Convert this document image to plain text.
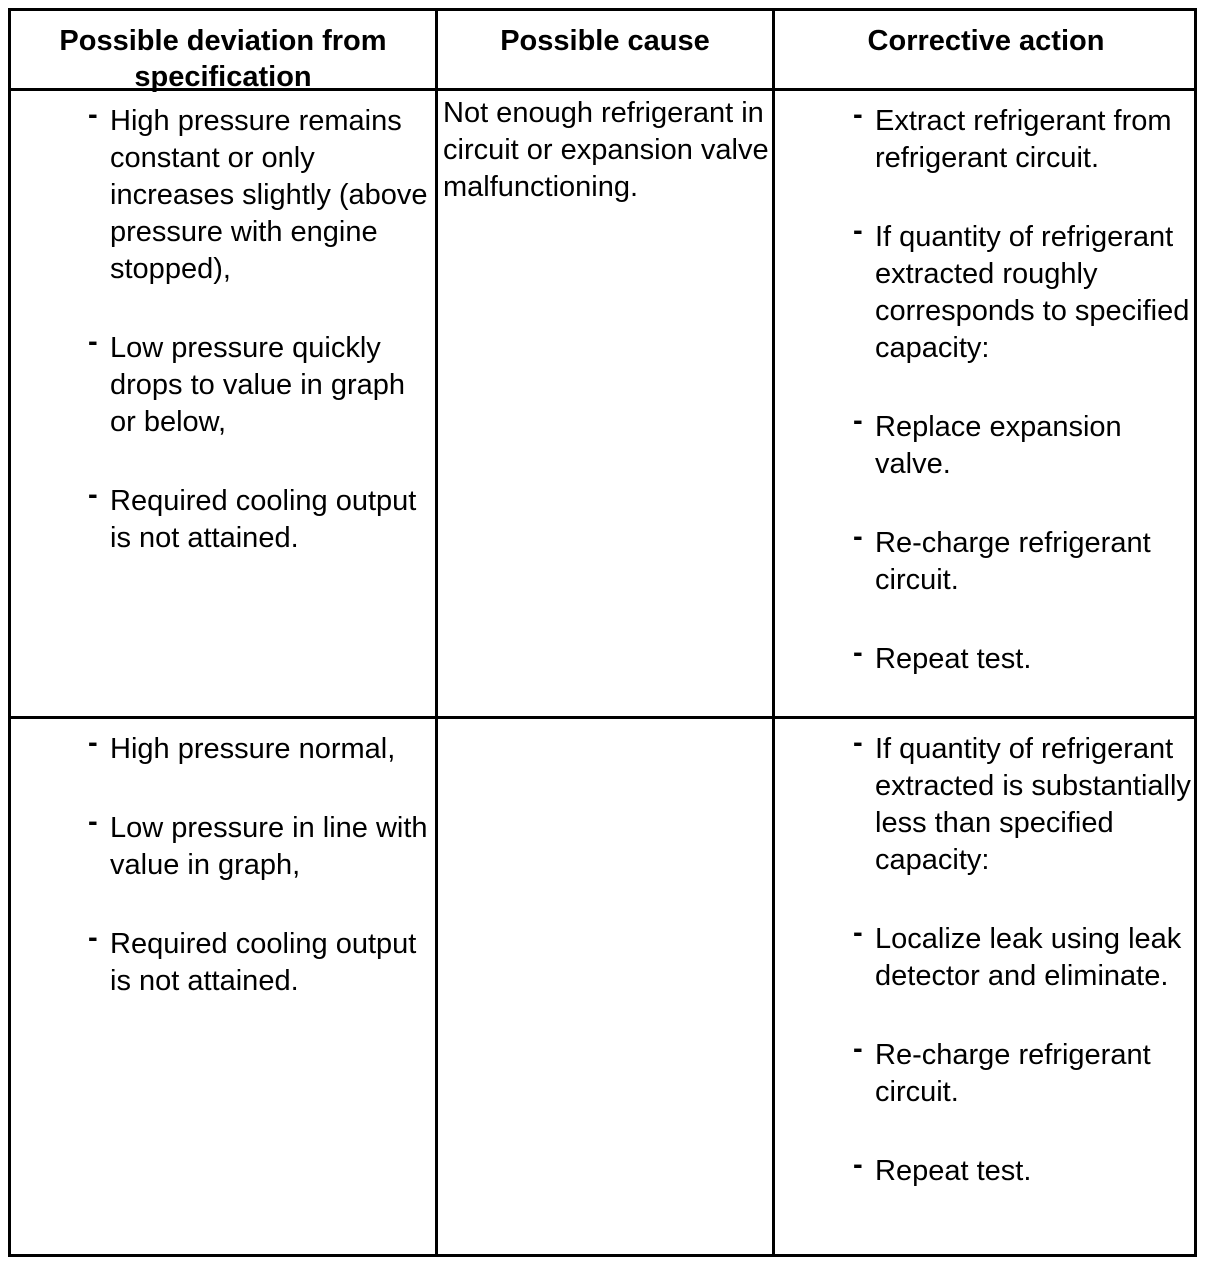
Possible deviation from specification
Possible cause	Corrective action
- High pressure remains constant or only increases slightly (above pressure with engine stopped),
- Low pressure quickly drops to value in graph or below,
- Required cooling output is not attained.
Not enough refrigerant in circuit or expansion valve malfunctioning.
- Extract refrigerant from refrigerant circuit.
- If quantity of refrigerant extracted roughly corresponds to specified capacity:
- Replace expansion valve.
- Re-charge refrigerant circuit.
- Repeat test.
- High pressure normal,
- Low pressure in line with value in graph,
- Required cooling output is not attained.
- If quantity of refrigerant extracted is substantially less than specified capacity:
- Localize leak using leak detector and eliminate.
- Re-charge refrigerant circuit.
- Repeat test.
